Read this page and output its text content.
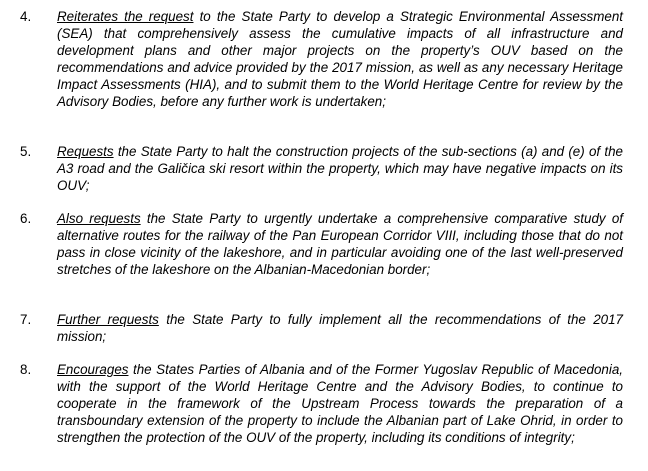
4. Reiterates the request to the State Party to develop a Strategic Environmental Assessment (SEA) that comprehensively assess the cumulative impacts of all infrastructure and development plans and other major projects on the property’s OUV based on the recommendations and advice provided by the 2017 mission, as well as any necessary Heritage Impact Assessments (HIA), and to submit them to the World Heritage Centre for review by the Advisory Bodies, before any further work is undertaken;
5. Requests the State Party to halt the construction projects of the sub-sections (a) and (e) of the A3 road and the Galičica ski resort within the property, which may have negative impacts on its OUV;
6. Also requests the State Party to urgently undertake a comprehensive comparative study of alternative routes for the railway of the Pan European Corridor VIII, including those that do not pass in close vicinity of the lakeshore, and in particular avoiding one of the last well-preserved stretches of the lakeshore on the Albanian-Macedonian border;
7. Further requests the State Party to fully implement all the recommendations of the 2017 mission;
8. Encourages the States Parties of Albania and of the Former Yugoslav Republic of Macedonia, with the support of the World Heritage Centre and the Advisory Bodies, to continue to cooperate in the framework of the Upstream Process towards the preparation of a transboundary extension of the property to include the Albanian part of Lake Ohrid, in order to strengthen the protection of the OUV of the property, including its conditions of integrity;
